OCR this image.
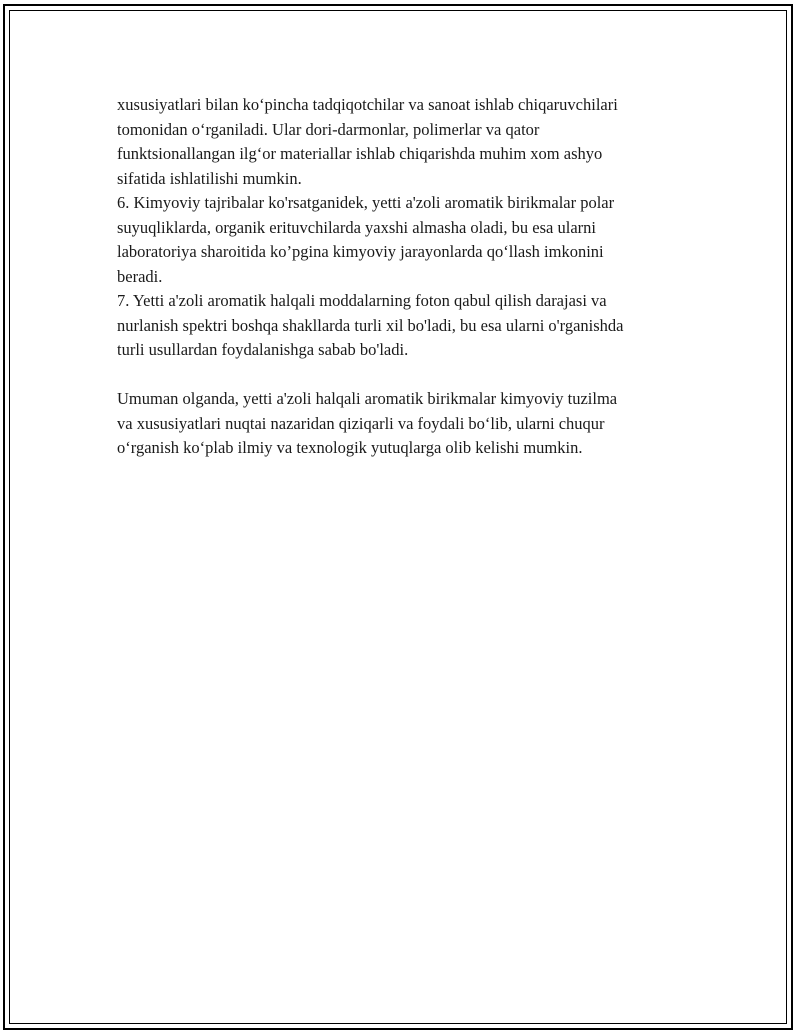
xususiyatlari bilan ko‘pincha tadqiqotchilar va sanoat ishlab chiqaruvchilari
tomonidan o‘rganiladi. Ular dori-darmonlar, polimerlar va qator
funktsionallangan ilg‘or materiallar ishlab chiqarishda muhim xom ashyo
sifatida ishlatilishi mumkin.
6. Kimyoviy tajribalar ko'rsatganidek, yetti a'zoli aromatik birikmalar polar
suyuqliklarda, organik erituvchilarda yaxshi almasha oladi, bu esa ularni
laboratoriya sharoitida ko’pgina kimyoviy jarayonlarda qo‘llash imkonini
beradi.
7. Yetti a'zoli aromatik halqali moddalarning foton qabul qilish darajasi va
nurlanish spektri boshqa shakllarda turli xil bo'ladi, bu esa ularni o'rganishda
turli usullardan foydalanishga sabab bo'ladi.
Umuman olganda, yetti a'zoli halqali aromatik birikmalar kimyoviy tuzilma
va xususiyatlari nuqtai nazaridan qiziqarli va foydali bo‘lib, ularni chuqur
o‘rganish ko‘plab ilmiy va texnologik yutuqlarga olib kelishi mumkin.
